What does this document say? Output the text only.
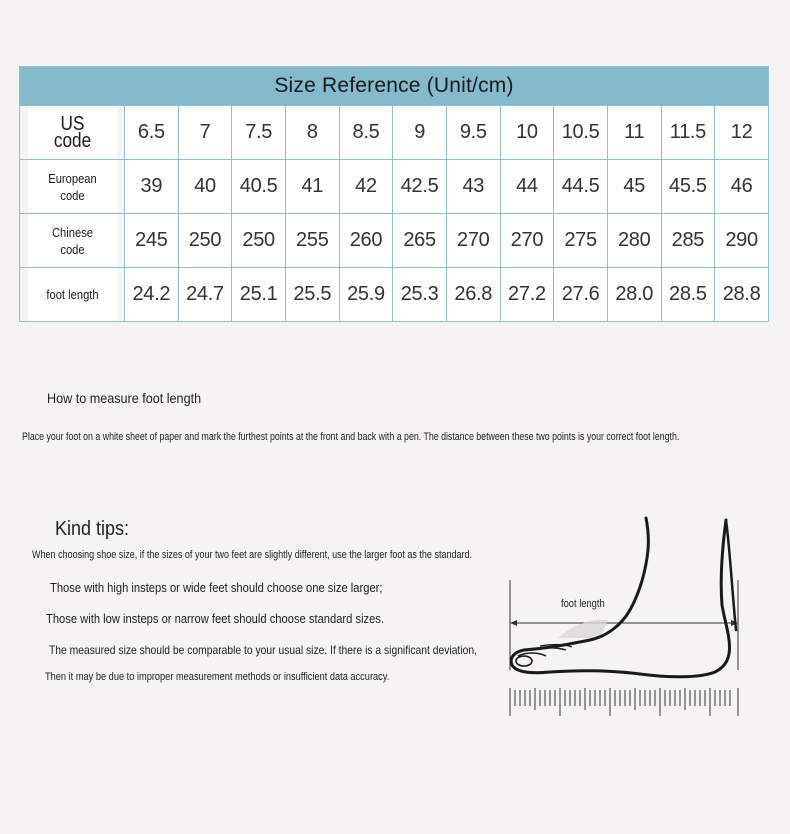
Size Reference (Unit/cm)												
US code	6.5	7	7.5	8	8.5	9	9.5	10	10.5	11	11.5	12
European code	39	40	40.5	41	42	42.5	43	44	44.5	45	45.5	46
Chinese code	245	250	250	255	260	265	270	270	275	280	285	290
foot length	24.2	24.7	25.1	25.5	25.9	25.3	26.8	27.2	27.6	28.0	28.5	28.8
How to measure foot length
Place your foot on a white sheet of paper and mark the furthest points at the front and back with a pen. The distance between these two points is your correct foot length.
Kind tips:
When choosing shoe size, if the sizes of your two feet are slightly different, use the larger foot as the standard.
Those with high insteps or wide feet should choose one size larger;
Those with low insteps or narrow feet should choose standard sizes.
The measured size should be comparable to your usual size. If there is a significant deviation,
Then it may be due to improper measurement methods or insufficient data accuracy.
foot length
